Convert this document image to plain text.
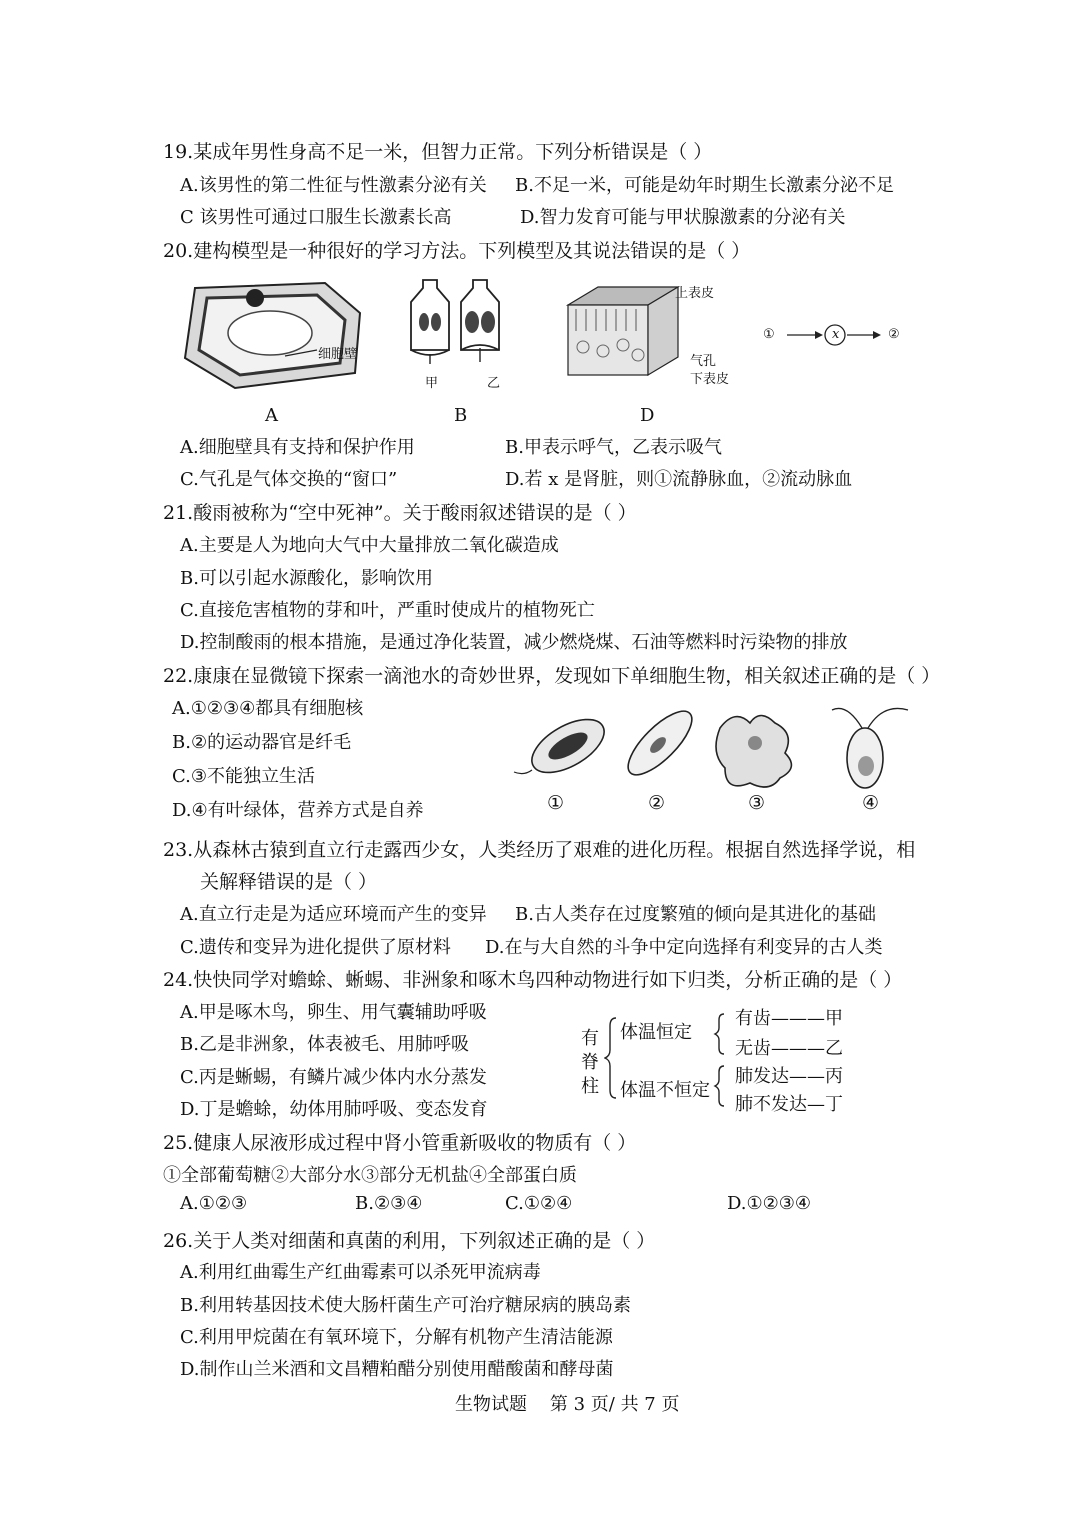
19.某成年男性身高不足一米，但智力正常。下列分析错误是（ ）
A.该男性的第二性征与性激素分泌有关 B.不足一米，可能是幼年时期生长激素分泌不足
C 该男性可通过口服生长激素长高	D.智力发育可能与甲状腺激素的分泌有关
20.建构模型是一种很好的学习方法。下列模型及其说法错误的是（ ）
细胞壁
A
甲	乙
B
上表皮
气孔
下表皮
D
①	x	②
A.细胞壁具有支持和保护作用	B.甲表示呼气，乙表示吸气
C.气孔是气体交换的“窗口”	D.若 x 是肾脏，则①流静脉血，②流动脉血
21.酸雨被称为“空中死神”。关于酸雨叙述错误的是（ ）
A.主要是人为地向大气中大量排放二氧化碳造成
B.可以引起水源酸化，影响饮用
C.直接危害植物的芽和叶，严重时使成片的植物死亡
D.控制酸雨的根本措施，是通过净化装置，减少燃烧煤、石油等燃料时污染物的排放
22.康康在显微镜下探索一滴池水的奇妙世界，发现如下单细胞生物，相关叙述正确的是（ ）
A.①②③④都具有细胞核
B.②的运动器官是纤毛
C.③不能独立生活
D.④有叶绿体，营养方式是自养	①	②	③	④
23.从森林古猿到直立行走露西少女，人类经历了艰难的进化历程。根据自然选择学说，相
关解释错误的是（ ）
A.直立行走是为适应环境而产生的变异 B.古人类存在过度繁殖的倾向是其进化的基础
C.遗传和变异为进化提供了原材料 D.在与大自然的斗争中定向选择有利变异的古人类
24.快快同学对蟾蜍、蜥蜴、非洲象和啄木鸟四种动物进行如下归类，分析正确的是（ ）
A.甲是啄木鸟，卵生、用气囊辅助呼吸
B.乙是非洲象，体表被毛、用肺呼吸
C.丙是蜥蜴，有鳞片减少体内水分蒸发
D.丁是蟾蜍，幼体用肺呼吸、变态发育
有
脊
柱
体温恒定
体温不恒定
有齿———甲
无齿———乙
肺发达——丙
肺不发达—丁
25.健康人尿液形成过程中肾小管重新吸收的物质有（ ）
①全部葡萄糖②大部分水③部分无机盐④全部蛋白质
A.①②③	B.②③④	C.①②④	D.①②③④
26.关于人类对细菌和真菌的利用，下列叙述正确的是（ ）
A.利用红曲霉生产红曲霉素可以杀死甲流病毒
B.利用转基因技术使大肠杆菌生产可治疗糖尿病的胰岛素
C.利用甲烷菌在有氧环境下，分解有机物产生清洁能源
D.制作山兰米酒和文昌糟粕醋分别使用醋酸菌和酵母菌
生物试题    第 3 页/ 共 7 页
